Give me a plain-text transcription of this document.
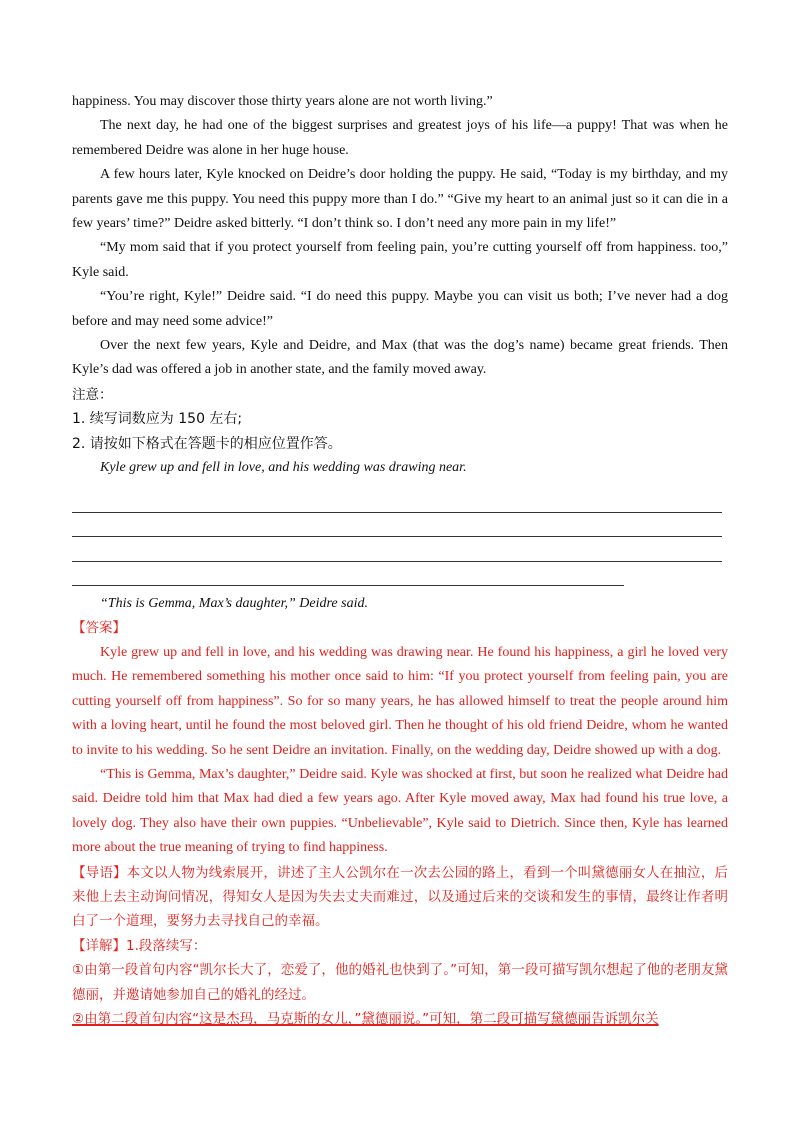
happiness. You may discover those thirty years alone are not worth living.”

The next day, he had one of the biggest surprises and greatest joys of his life—a puppy! That was when he remembered Deidre was alone in her huge house.

A few hours later, Kyle knocked on Deidre’s door holding the puppy. He said, “Today is my birthday, and my parents gave me this puppy. You need this puppy more than I do.” “Give my heart to an animal just so it can die in a few years’ time?” Deidre asked bitterly. “I don’t think so. I don’t need any more pain in my life!”

“My mom said that if you protect yourself from feeling pain, you’re cutting yourself off from happiness. too,” Kyle said.

“You’re right, Kyle!” Deidre said. “I do need this puppy. Maybe you can visit us both; I’ve never had a dog before and may need some advice!”

Over the next few years, Kyle and Deidre, and Max (that was the dog’s name) became great friends. Then Kyle’s dad was offered a job in another state, and the family moved away.

注意：

1. 续写词数应为 150 左右;

2. 请按如下格式在答题卡的相应位置作答。

Kyle grew up and fell in love, and his wedding was drawing near.

“This is Gemma, Max’s daughter,” Deidre said.

【答案】

Kyle grew up and fell in love, and his wedding was drawing near. He found his happiness, a girl he loved very much. He remembered something his mother once said to him: “If you protect yourself from feeling pain, you are cutting yourself off from happiness”. So for so many years, he has allowed himself to treat the people around him with a loving heart, until he found the most beloved girl. Then he thought of his old friend Deidre, whom he wanted to invite to his wedding. So he sent Deidre an invitation. Finally, on the wedding day, Deidre showed up with a dog.

“This is Gemma, Max’s daughter,” Deidre said. Kyle was shocked at first, but soon he realized what Deidre had said. Deidre told him that Max had died a few years ago. After Kyle moved away, Max had found his true love, a lovely dog. They also have their own puppies. “Unbelievable”, Kyle said to Dietrich. Since then, Kyle has learned more about the true meaning of trying to find happiness.

【导语】本文以人物为线索展开，讲述了主人公凯尔在一次去公园的路上，看到一个叫黛德丽女人在抽泣，后来他上去主动询问情况，得知女人是因为失去丈夫而难过，以及通过后来的交谈和发生的事情，最终让作者明白了一个道理，要努力去寻找自己的幸福。

【详解】1.段落续写：

①由第一段首句内容“凯尔长大了，恋爱了，他的婚礼也快到了。”可知，第一段可描写凯尔想起了他的老朋友黛德丽，并邀请她参加自己的婚礼的经过。

②由第二段首句内容“这是杰玛，马克斯的女儿，”黛德丽说。”可知，第二段可描写黛德丽告诉凯尔关
